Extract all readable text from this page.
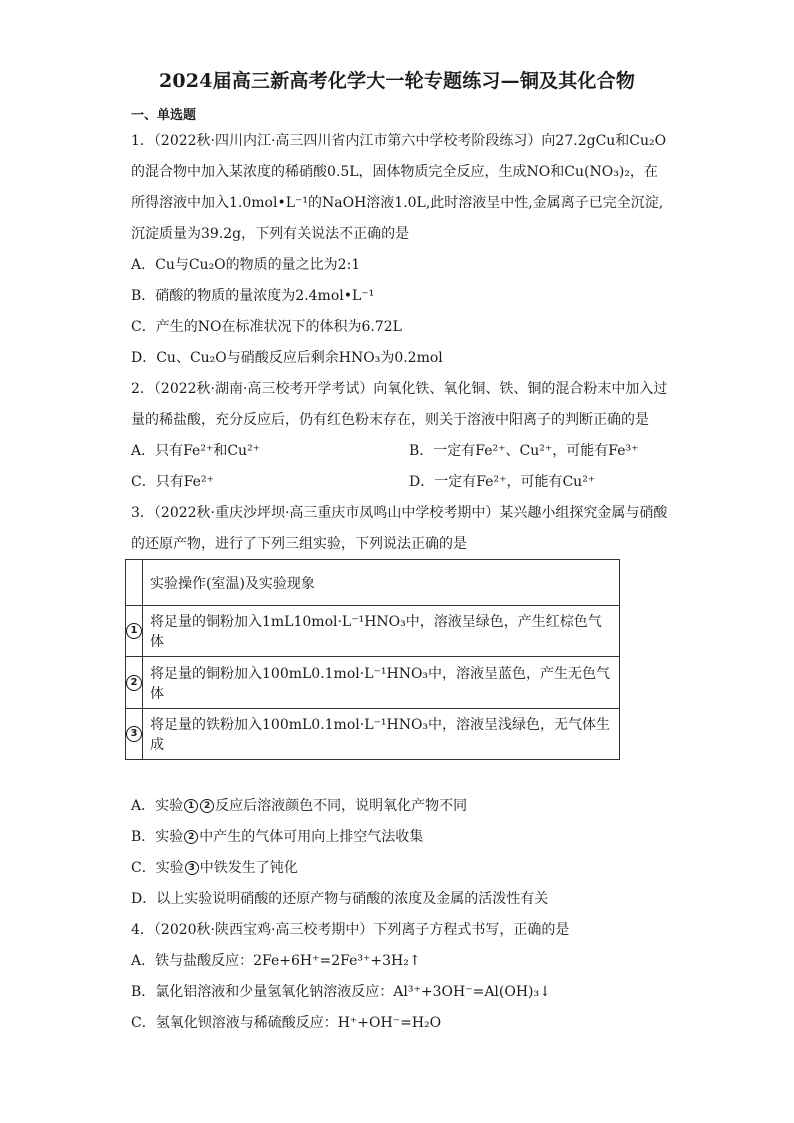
2024届高三新高考化学大一轮专题练习—铜及其化合物
一、单选题
1．（2022秋·四川内江·高三四川省内江市第六中学校考阶段练习）向27.2gCu和Cu₂O
的混合物中加入某浓度的稀硝酸0.5L，固体物质完全反应，生成NO和Cu(NO₃)₂，在
所得溶液中加入1.0mol•L⁻¹的NaOH溶液1.0L,此时溶液呈中性,金属离子已完全沉淀,
沉淀质量为39.2g，下列有关说法不正确的是
A．Cu与Cu₂O的物质的量之比为2:1
B．硝酸的物质的量浓度为2.4mol•L⁻¹
C．产生的NO在标准状况下的体积为6.72L
D．Cu、Cu₂O与硝酸反应后剩余HNO₃为0.2mol
2．（2022秋·湖南·高三校考开学考试）向氧化铁、氧化铜、铁、铜的混合粉末中加入过
量的稀盐酸，充分反应后，仍有红色粉末存在，则关于溶液中阳离子的判断正确的是
A．只有Fe²⁺和Cu²⁺	B．一定有Fe²⁺、Cu²⁺，可能有Fe³⁺
C．只有Fe²⁺	D．一定有Fe²⁺，可能有Cu²⁺
3．（2022秋·重庆沙坪坝·高三重庆市凤鸣山中学校考期中）某兴趣小组探究金属与硝酸
的还原产物，进行了下列三组实验，下列说法正确的是
	实验操作(室温)及实验现象
1	将足量的铜粉加入1mL10mol·L⁻¹HNO₃中，溶液呈绿色，产生红棕色气体
2	将足量的铜粉加入100mL0.1mol·L⁻¹HNO₃中，溶液呈蓝色，产生无色气体
3	将足量的铁粉加入100mL0.1mol·L⁻¹HNO₃中，溶液呈浅绿色，无气体生成
A．实验 1 2 反应后溶液颜色不同，说明氧化产物不同
B．实验 2 中产生的气体可用向上排空气法收集
C．实验 3 中铁发生了钝化
D．以上实验说明硝酸的还原产物与硝酸的浓度及金属的活泼性有关
4．（2020秋·陕西宝鸡·高三校考期中）下列离子方程式书写，正确的是
A．铁与盐酸反应：2Fe+6H⁺=2Fe³⁺+3H₂↑
B．氯化铝溶液和少量氢氧化钠溶液反应：Al³⁺+3OH⁻=Al(OH)₃↓
C．氢氧化钡溶液与稀硫酸反应：H⁺+OH⁻=H₂O
